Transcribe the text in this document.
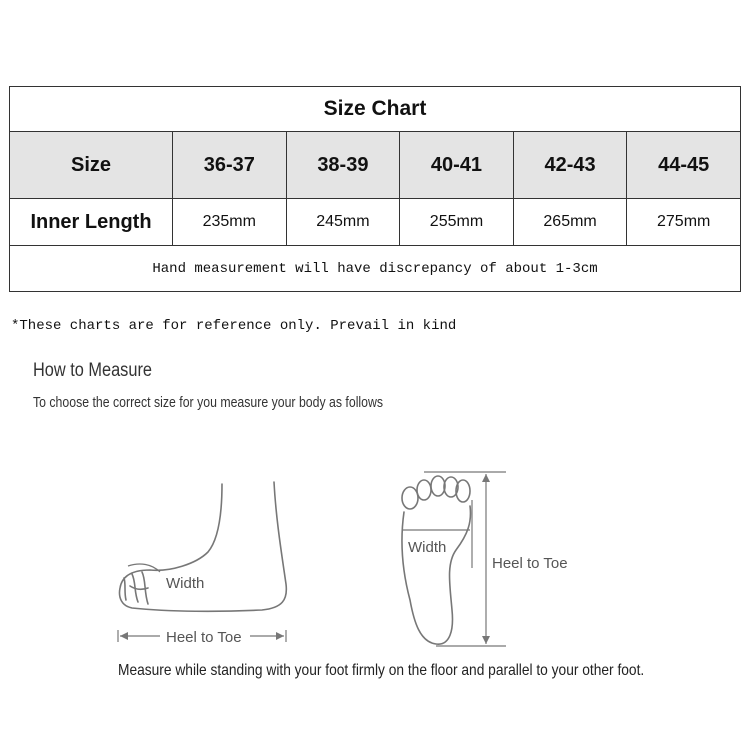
Size Chart					
Size	36-37	38-39	40-41	42-43	44-45
Inner Length	235mm	245mm	255mm	265mm	275mm
Hand measurement will have discrepancy of about 1-3cm					
*These charts are for reference only. Prevail in kind
How to Measure
To choose the correct size for you measure your body as follows
Width
Heel to Toe
Width
Heel to Toe
Measure while standing with your foot firmly on the floor and parallel to your other foot.
